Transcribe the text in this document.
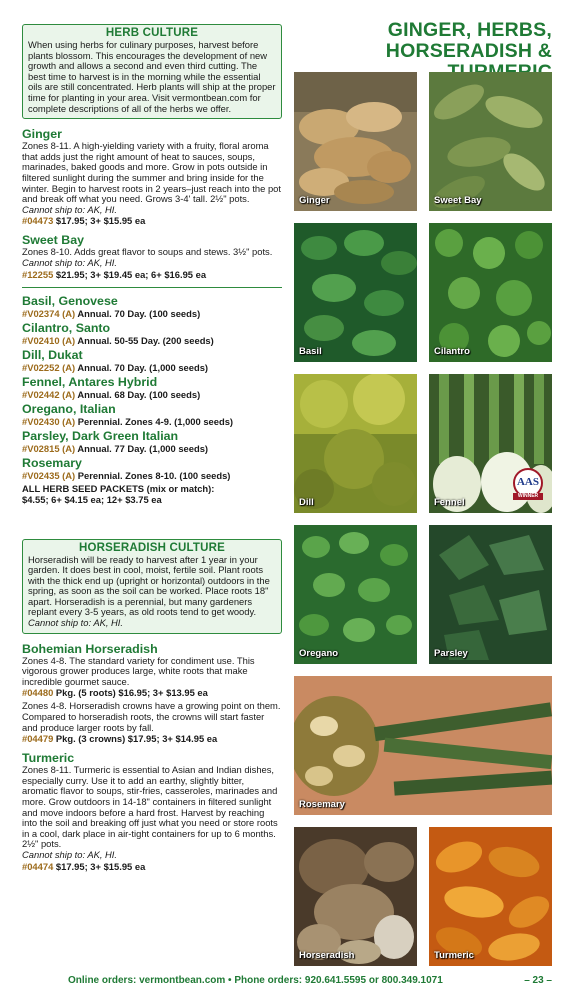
HERB CULTURE
When using herbs for culinary purposes, harvest before plants blossom. This encourages the development of new growth and allows a second and even third cutting. The best time to harvest is in the morning while the essential oils are still concentrated. Herb plants will ship at the proper time for planting in your area. Visit vermontbean.com for complete descriptions of all of the herbs we offer.
Ginger
Zones 8-11. A high-yielding variety with a fruity, floral aroma that adds just the right amount of heat to sauces, soups, marinades, baked goods and more. Grow in pots outside in filtered sunlight during the summer and bring inside for the winter. Begin to harvest roots in 2 years–just reach into the pot and break off what you need. Grows 3-4' tall. 2½" pots. Cannot ship to: AK, HI.
#04473 $17.95; 3+ $15.95 ea
Sweet Bay
Zones 8-10. Adds great flavor to soups and stews. 3½" pots. Cannot ship to: AK, HI.
#12255 $21.95; 3+ $19.45 ea; 6+ $16.95 ea
Basil, Genovese
#V02374 (A) Annual. 70 Day. (100 seeds)
Cilantro, Santo
#V02410 (A) Annual. 50-55 Day. (200 seeds)
Dill, Dukat
#V02252 (A) Annual. 70 Day. (1,000 seeds)
Fennel, Antares Hybrid
#V02442 (A) Annual. 68 Day. (100 seeds)
Oregano, Italian
#V02430 (A) Perennial. Zones 4-9. (1,000 seeds)
Parsley, Dark Green Italian
#V02815 (A) Annual. 77 Day. (1,000 seeds)
Rosemary
#V02435 (A) Perennial. Zones 8-10. (100 seeds)
ALL HERB SEED PACKETS (mix or match):
$4.55; 6+ $4.15 ea; 12+ $3.75 ea
HORSERADISH CULTURE
Horseradish will be ready to harvest after 1 year in your garden. It does best in cool, moist, fertile soil. Plant roots with the thick end up (upright or horizontal) outdoors in the spring, as soon as the soil can be worked. Place roots 18" apart. Horseradish is a perennial, but many gardeners replant every 3-5 years, as old roots tend to get woody. Cannot ship to: AK, HI.
Bohemian Horseradish
Zones 4-8. The standard variety for condiment use. This vigorous grower produces large, white roots that make incredible gourmet sauce.
#04480 Pkg. (5 roots) $16.95; 3+ $13.95 ea
Zones 4-8. Horseradish crowns have a growing point on them. Compared to horseradish roots, the crowns will start faster and produce larger roots by fall.
#04479 Pkg. (3 crowns) $17.95; 3+ $14.95 ea
Turmeric
Zones 8-11. Turmeric is essential to Asian and Indian dishes, especially curry. Use it to add an earthy, slightly bitter, aromatic flavor to soups, stir-fries, casseroles, marinades and more. Grow outdoors in 14-18" containers in filtered sunlight and move indoors before a hard frost. Harvest by reaching into the soil and breaking off just what you need or store roots in a cool, dark place in air-tight containers for up to 6 months. 2½" pots.
Cannot ship to: AK, HI.
#04474 $17.95; 3+ $15.95 ea
GINGER, HERBS,
HORSERADISH &
Ginger	Sweet Bay
Basil	Cilantro
Dill	Fennel
AAS
WINNER
Oregano	Parsley
Rosemary
Horseradish	Turmeric
Online orders: vermontbean.com • Phone orders: 920.641.5595 or 800.349.1071	– 23 –
